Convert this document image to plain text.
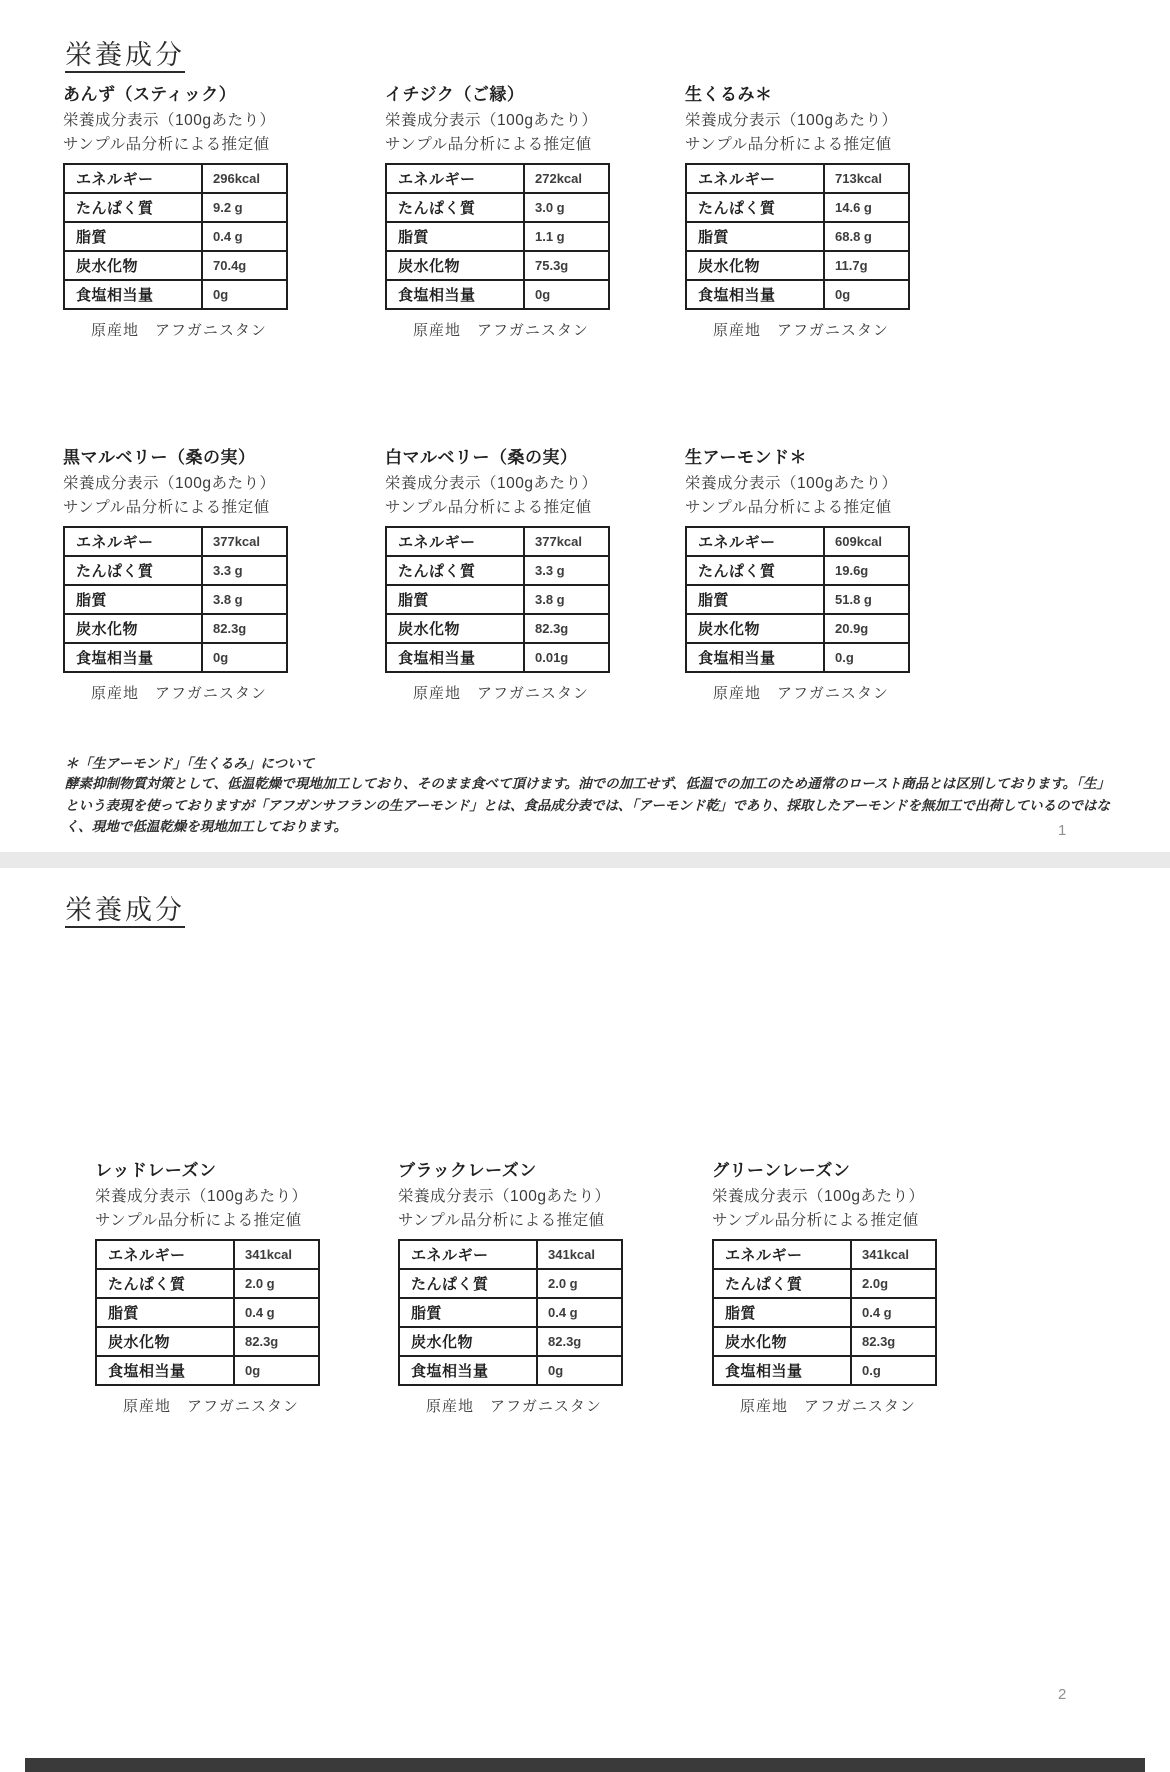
栄養成分
あんず（スティック）
栄養成分表示（100gあたり）
サンプル品分析による推定値
エネルギー	296kcal
たんぱく質	9.2 g
脂質	0.4 g
炭水化物	70.4g
食塩相当量	0g
原産地　アフガニスタン
イチジク（ご縁）
栄養成分表示（100gあたり）
サンプル品分析による推定値
エネルギー	272kcal
たんぱく質	3.0 g
脂質	1.1 g
炭水化物	75.3g
食塩相当量	0g
原産地　アフガニスタン
生くるみ＊
栄養成分表示（100gあたり）
サンプル品分析による推定値
エネルギー	713kcal
たんぱく質	14.6 g
脂質	68.8 g
炭水化物	11.7g
食塩相当量	0g
原産地　アフガニスタン
黒マルベリー（桑の実）
栄養成分表示（100gあたり）
サンプル品分析による推定値
エネルギー	377kcal
たんぱく質	3.3 g
脂質	3.8 g
炭水化物	82.3g
食塩相当量	0g
原産地　アフガニスタン
白マルベリー（桑の実）
栄養成分表示（100gあたり）
サンプル品分析による推定値
エネルギー	377kcal
たんぱく質	3.3 g
脂質	3.8 g
炭水化物	82.3g
食塩相当量	0.01g
原産地　アフガニスタン
生アーモンド＊
栄養成分表示（100gあたり）
サンプル品分析による推定値
エネルギー	609kcal
たんぱく質	19.6g
脂質	51.8 g
炭水化物	20.9g
食塩相当量	0.g
原産地　アフガニスタン
レッドレーズン
栄養成分表示（100gあたり）
サンプル品分析による推定値
エネルギー	341kcal
たんぱく質	2.0 g
脂質	0.4 g
炭水化物	82.3g
食塩相当量	0g
原産地　アフガニスタン
ブラックレーズン
栄養成分表示（100gあたり）
サンプル品分析による推定値
エネルギー	341kcal
たんぱく質	2.0 g
脂質	0.4 g
炭水化物	82.3g
食塩相当量	0g
原産地　アフガニスタン
グリーンレーズン
栄養成分表示（100gあたり）
サンプル品分析による推定値
エネルギー	341kcal
たんぱく質	2.0g
脂質	0.4 g
炭水化物	82.3g
食塩相当量	0.g
原産地　アフガニスタン
＊「生アーモンド」「生くるみ」について
酵素抑制物質対策として、低温乾燥で現地加工しており、そのまま食べて頂けます。油での加工せず、低温での加工のため通常のロースト商品とは区別しております。「生」という表現を使っておりますが「アフガンサフランの生アーモンド」とは、食品成分表では、「アーモンド乾」であり、採取したアーモンドを無加工で出荷しているのではなく、現地で低温乾燥を現地加工しております。	1
栄養成分
2
